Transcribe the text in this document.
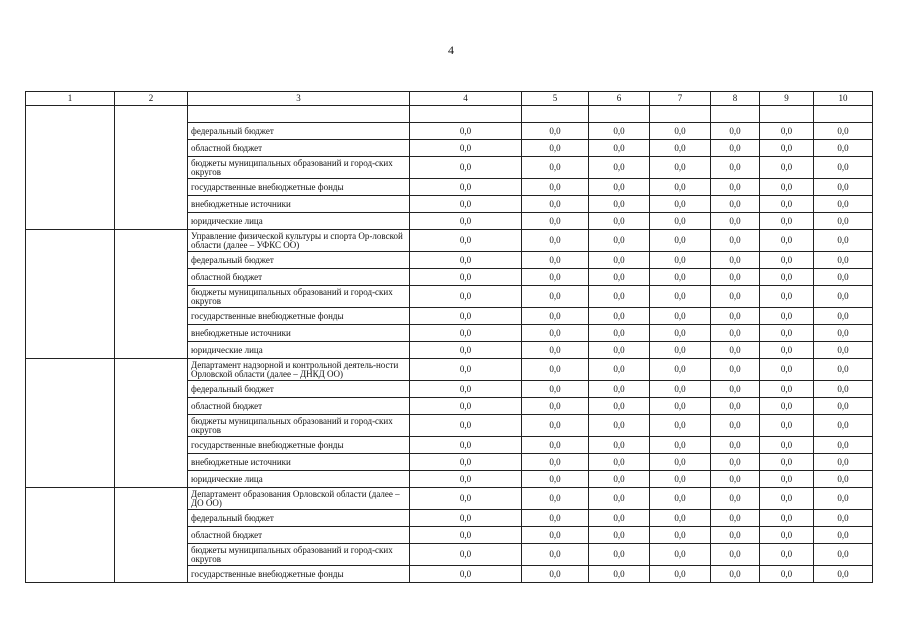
4
1	2	3	4	5	6	7	8	9	10

		федеральный бюджет	0,0	0,0	0,0	0,0	0,0	0,0	0,0
		областной бюджет	0,0	0,0	0,0	0,0	0,0	0,0	0,0
		бюджеты муниципальных образований и город-ских округов	0,0	0,0	0,0	0,0	0,0	0,0	0,0
		государственные внебюджетные фонды	0,0	0,0	0,0	0,0	0,0	0,0	0,0
		внебюджетные источники	0,0	0,0	0,0	0,0	0,0	0,0	0,0
		юридические лица	0,0	0,0	0,0	0,0	0,0	0,0	0,0
		Управление физической культуры и спорта Ор-ловской области (далее – УФКС ОО)	0,0	0,0	0,0	0,0	0,0	0,0	0,0
		федеральный бюджет	0,0	0,0	0,0	0,0	0,0	0,0	0,0
		областной бюджет	0,0	0,0	0,0	0,0	0,0	0,0	0,0
		бюджеты муниципальных образований и город-ских округов	0,0	0,0	0,0	0,0	0,0	0,0	0,0
		государственные внебюджетные фонды	0,0	0,0	0,0	0,0	0,0	0,0	0,0
		внебюджетные источники	0,0	0,0	0,0	0,0	0,0	0,0	0,0
		юридические лица	0,0	0,0	0,0	0,0	0,0	0,0	0,0
		Департамент надзорной и контрольной деятель-ности Орловской области (далее – ДНКД ОО)	0,0	0,0	0,0	0,0	0,0	0,0	0,0
		федеральный бюджет	0,0	0,0	0,0	0,0	0,0	0,0	0,0
		областной бюджет	0,0	0,0	0,0	0,0	0,0	0,0	0,0
		бюджеты муниципальных образований и город-ских округов	0,0	0,0	0,0	0,0	0,0	0,0	0,0
		государственные внебюджетные фонды	0,0	0,0	0,0	0,0	0,0	0,0	0,0
		внебюджетные источники	0,0	0,0	0,0	0,0	0,0	0,0	0,0
		юридические лица	0,0	0,0	0,0	0,0	0,0	0,0	0,0
		Департамент образования Орловской области (далее – ДО ОО)	0,0	0,0	0,0	0,0	0,0	0,0	0,0
		федеральный бюджет	0,0	0,0	0,0	0,0	0,0	0,0	0,0
		областной бюджет	0,0	0,0	0,0	0,0	0,0	0,0	0,0
		бюджеты муниципальных образований и город-ских округов	0,0	0,0	0,0	0,0	0,0	0,0	0,0
		государственные внебюджетные фонды	0,0	0,0	0,0	0,0	0,0	0,0	0,0
